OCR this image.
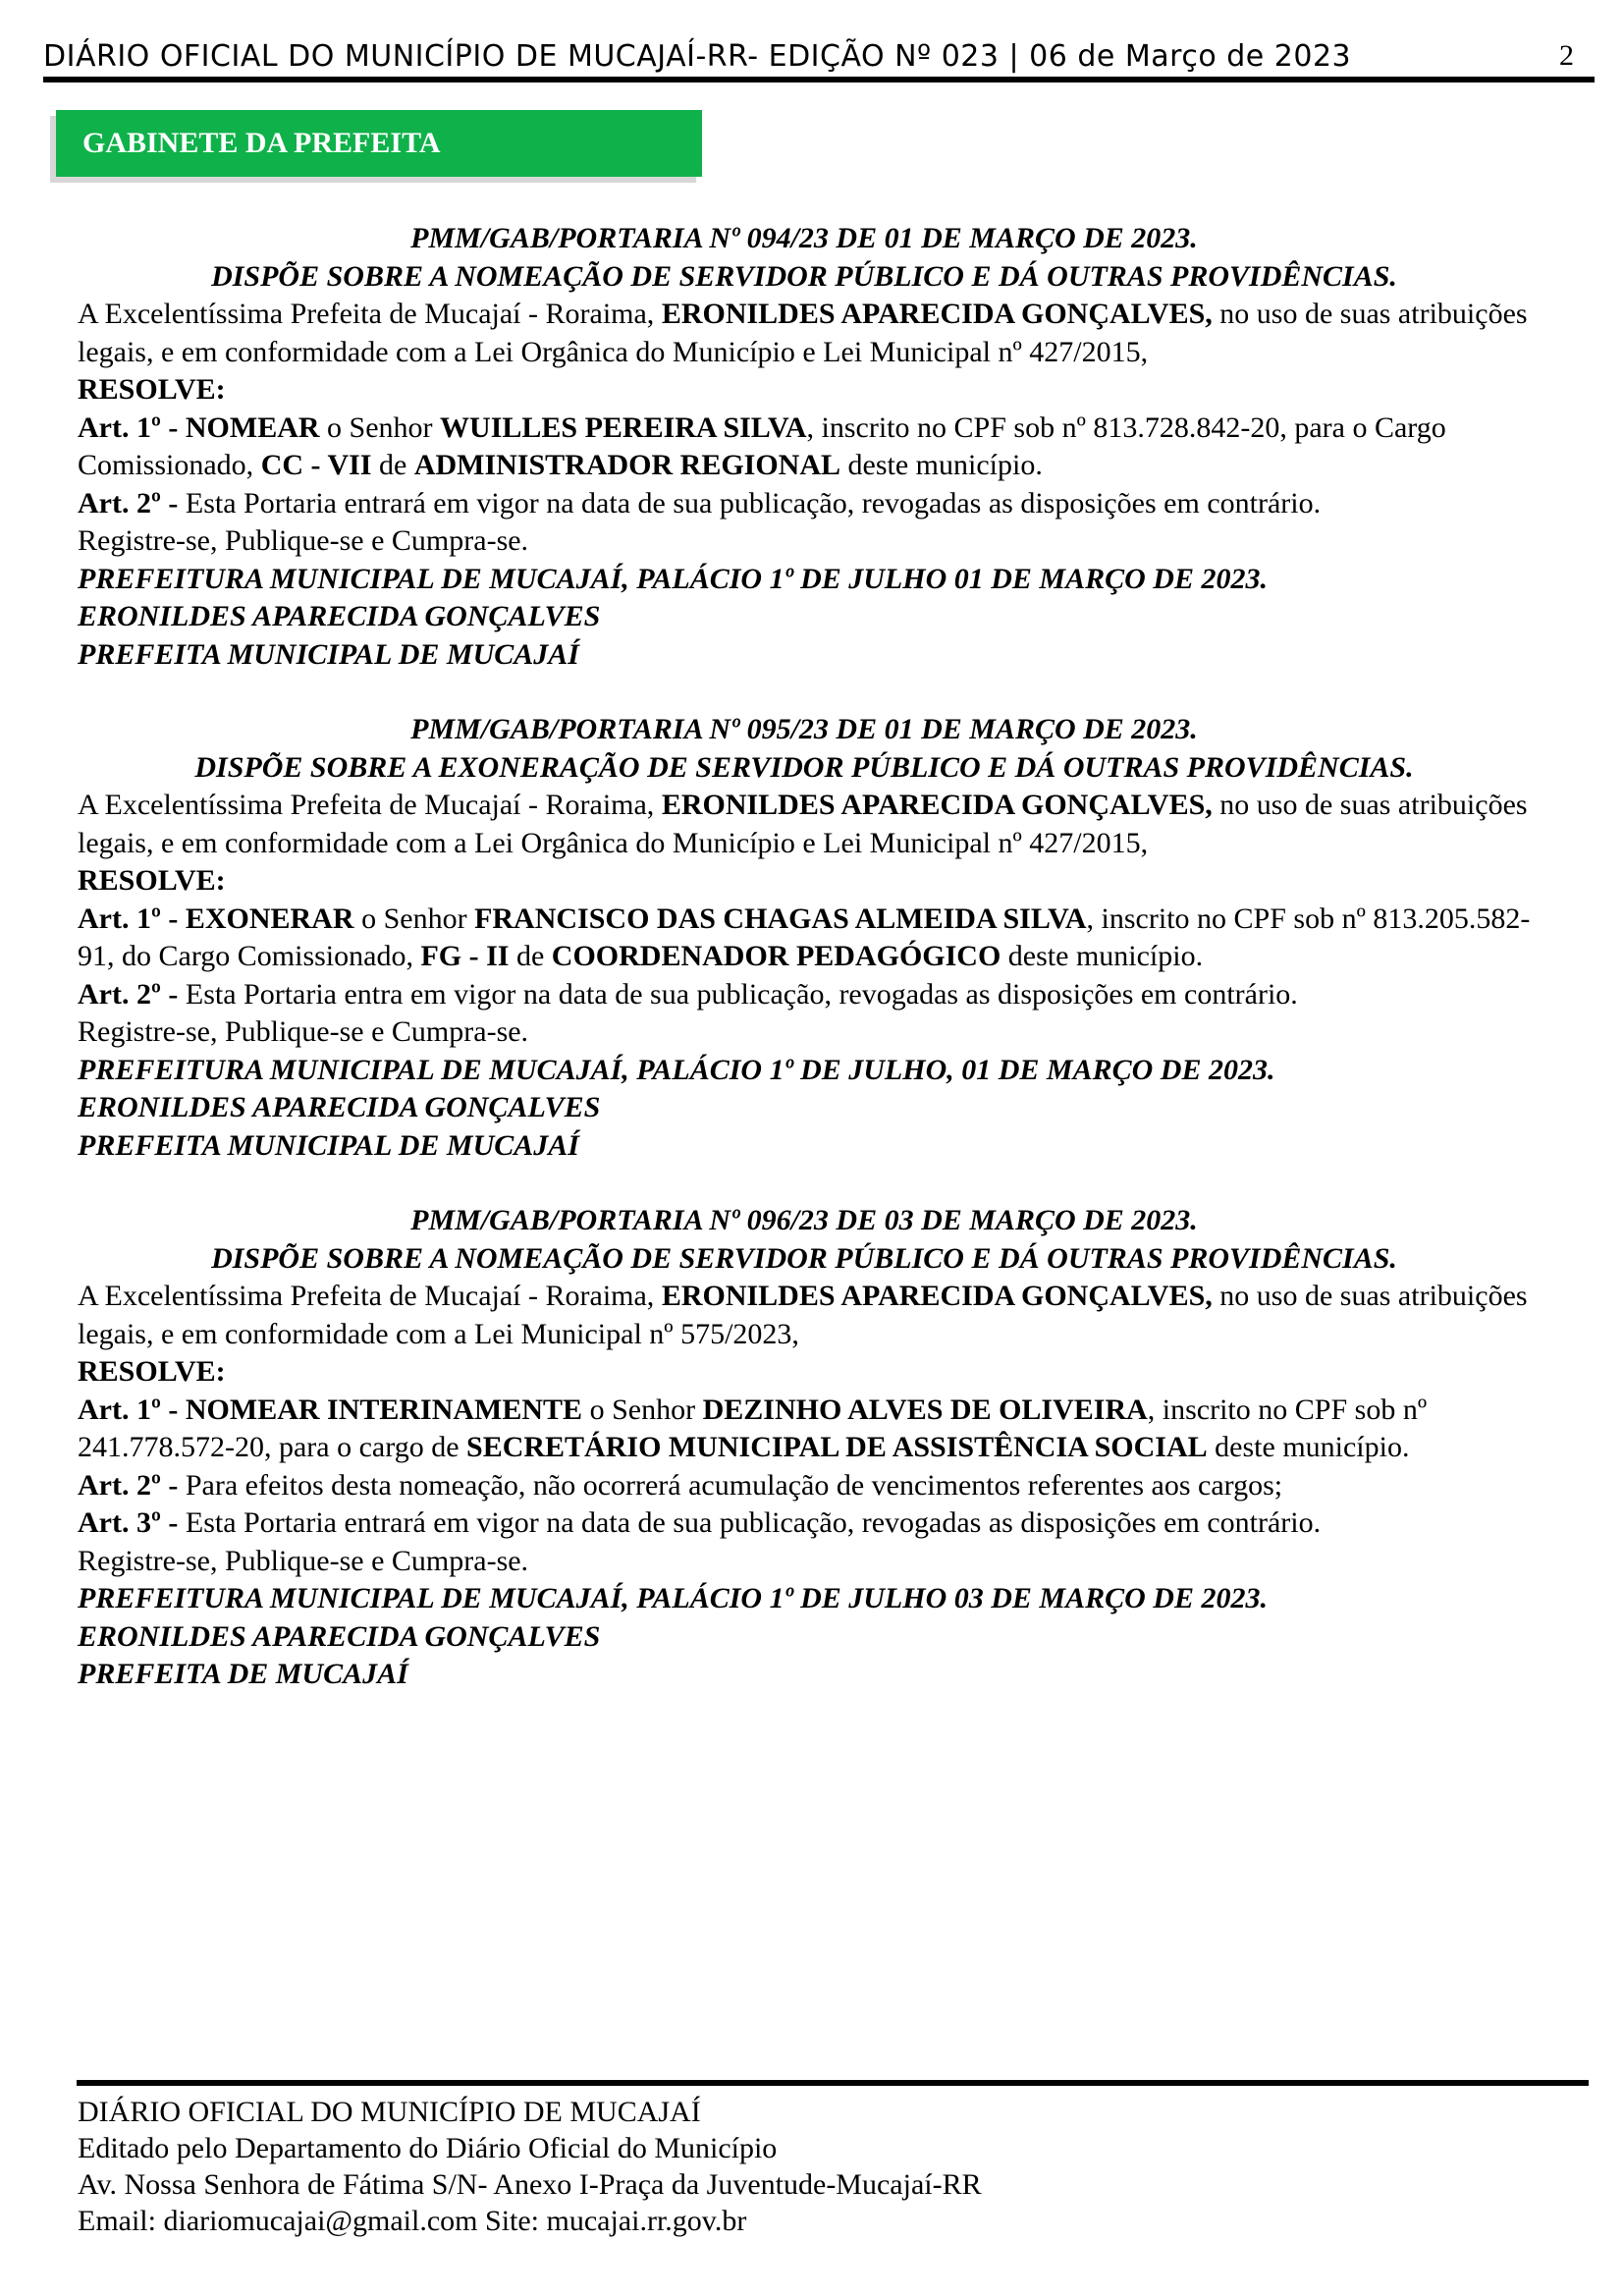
DIÁRIO OFICIAL DO MUNICÍPIO DE MUCAJAÍ-RR- EDIÇÃO Nº 023 | 06 de Março de 2023	2
GABINETE DA PREFEITA

PMM/GAB/PORTARIA Nº 094/23 DE 01 DE MARÇO DE 2023.

DISPÕE SOBRE A NOMEAÇÃO DE SERVIDOR PÚBLICO E DÁ OUTRAS PROVIDÊNCIAS.

A Excelentíssima Prefeita de Mucajaí - Roraima, ERONILDES APARECIDA GONÇALVES, no uso de suas atribuições legais, e em conformidade com a Lei Orgânica do Município e Lei Municipal nº 427/2015,

RESOLVE:

Art. 1º - NOMEAR o Senhor WUILLES PEREIRA SILVA, inscrito no CPF sob nº 813.728.842-20, para o Cargo Comissionado, CC - VII de ADMINISTRADOR REGIONAL deste município.

Art. 2º - Esta Portaria entrará em vigor na data de sua publicação, revogadas as disposições em contrário.

Registre-se, Publique-se e Cumpra-se.

PREFEITURA MUNICIPAL DE MUCAJAÍ, PALÁCIO 1º DE JULHO 01 DE MARÇO DE 2023.

ERONILDES APARECIDA GONÇALVES

PREFEITA MUNICIPAL DE MUCAJAÍ

PMM/GAB/PORTARIA Nº 095/23 DE 01 DE MARÇO DE 2023.

DISPÕE SOBRE A EXONERAÇÃO DE SERVIDOR PÚBLICO E DÁ OUTRAS PROVIDÊNCIAS.

A Excelentíssima Prefeita de Mucajaí - Roraima, ERONILDES APARECIDA GONÇALVES, no uso de suas atribuições legais, e em conformidade com a Lei Orgânica do Município e Lei Municipal nº 427/2015,

RESOLVE:

Art. 1º - EXONERAR o Senhor FRANCISCO DAS CHAGAS ALMEIDA SILVA, inscrito no CPF sob nº 813.205.582-91, do Cargo Comissionado, FG - II de COORDENADOR PEDAGÓGICO deste município.

Art. 2º - Esta Portaria entra em vigor na data de sua publicação, revogadas as disposições em contrário.

Registre-se, Publique-se e Cumpra-se.

PREFEITURA MUNICIPAL DE MUCAJAÍ, PALÁCIO 1º DE JULHO, 01 DE MARÇO DE 2023.

ERONILDES APARECIDA GONÇALVES

PREFEITA MUNICIPAL DE MUCAJAÍ

PMM/GAB/PORTARIA Nº 096/23 DE 03 DE MARÇO DE 2023.

DISPÕE SOBRE A NOMEAÇÃO DE SERVIDOR PÚBLICO E DÁ OUTRAS PROVIDÊNCIAS.

A Excelentíssima Prefeita de Mucajaí - Roraima, ERONILDES APARECIDA GONÇALVES, no uso de suas atribuições legais, e em conformidade com a Lei Municipal nº 575/2023,

RESOLVE:

Art. 1º - NOMEAR INTERINAMENTE o Senhor DEZINHO ALVES DE OLIVEIRA, inscrito no CPF sob nº 241.778.572-20, para o cargo de SECRETÁRIO MUNICIPAL DE ASSISTÊNCIA SOCIAL deste município.

Art. 2º - Para efeitos desta nomeação, não ocorrerá acumulação de vencimentos referentes aos cargos;

Art. 3º - Esta Portaria entrará em vigor na data de sua publicação, revogadas as disposições em contrário.

Registre-se, Publique-se e Cumpra-se.

PREFEITURA MUNICIPAL DE MUCAJAÍ, PALÁCIO 1º DE JULHO 03 DE MARÇO DE 2023.

ERONILDES APARECIDA GONÇALVES

PREFEITA DE MUCAJAÍ

DIÁRIO OFICIAL DO MUNICÍPIO DE MUCAJAÍ

Editado pelo Departamento do Diário Oficial do Município

Av. Nossa Senhora de Fátima S/N- Anexo I-Praça da Juventude-Mucajaí-RR

Email: diariomucajai@gmail.com Site: mucajai.rr.gov.br
